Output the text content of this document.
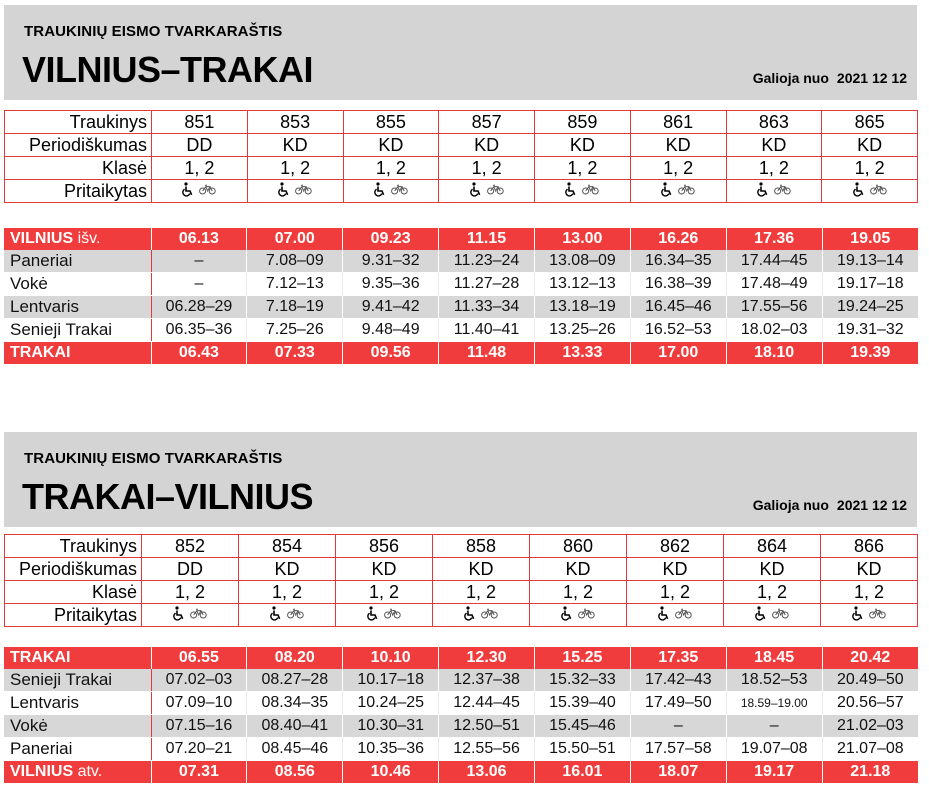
TRAUKINIŲ EISMO TVARKARAŠTIS
VILNIUS–TRAKAI	Galioja nuo 2021 12 12
Traukinys	851	853	855	857	859	861	863	865
Periodiškumas	DD	KD	KD	KD	KD	KD	KD	KD
Klasė	1, 2	1, 2	1, 2	1, 2	1, 2	1, 2	1, 2	1, 2
Pritaikytas	

VILNIUS išv.	06.13	07.00	09.23	11.15	13.00	16.26	17.36	19.05
Paneriai	–	7.08–09	9.31–32	11.23–24	13.08–09	16.34–35	17.44–45	19.13–14
Vokė	–	7.12–13	9.35–36	11.27–28	13.12–13	16.38–39	17.48–49	19.17–18
Lentvaris	06.28–29	7.18–19	9.41–42	11.33–34	13.18–19	16.45–46	17.55–56	19.24–25
Senieji Trakai	06.35–36	7.25–26	9.48–49	11.40–41	13.25–26	16.52–53	18.02–03	19.31–32
TRAKAI	06.43	07.33	09.56	11.48	13.33	17.00	18.10	19.39
TRAUKINIŲ EISMO TVARKARAŠTIS
TRAKAI–VILNIUS	Galioja nuo 2021 12 12
Traukinys	852	854	856	858	860	862	864	866
Periodiškumas	DD	KD	KD	KD	KD	KD	KD	KD
Klasė	1, 2	1, 2	1, 2	1, 2	1, 2	1, 2	1, 2	1, 2
Pritaikytas	

TRAKAI	06.55	08.20	10.10	12.30	15.25	17.35	18.45	20.42
Senieji Trakai	07.02–03	08.27–28	10.17–18	12.37–38	15.32–33	17.42–43	18.52–53	20.49–50
Lentvaris	07.09–10	08.34–35	10.24–25	12.44–45	15.39–40	17.49–50	18.59–19.00	20.56–57
Vokė	07.15–16	08.40–41	10.30–31	12.50–51	15.45–46	–	–	21.02–03
Paneriai	07.20–21	08.45–46	10.35–36	12.55–56	15.50–51	17.57–58	19.07–08	21.07–08
VILNIUS atv.	07.31	08.56	10.46	13.06	16.01	18.07	19.17	21.18
